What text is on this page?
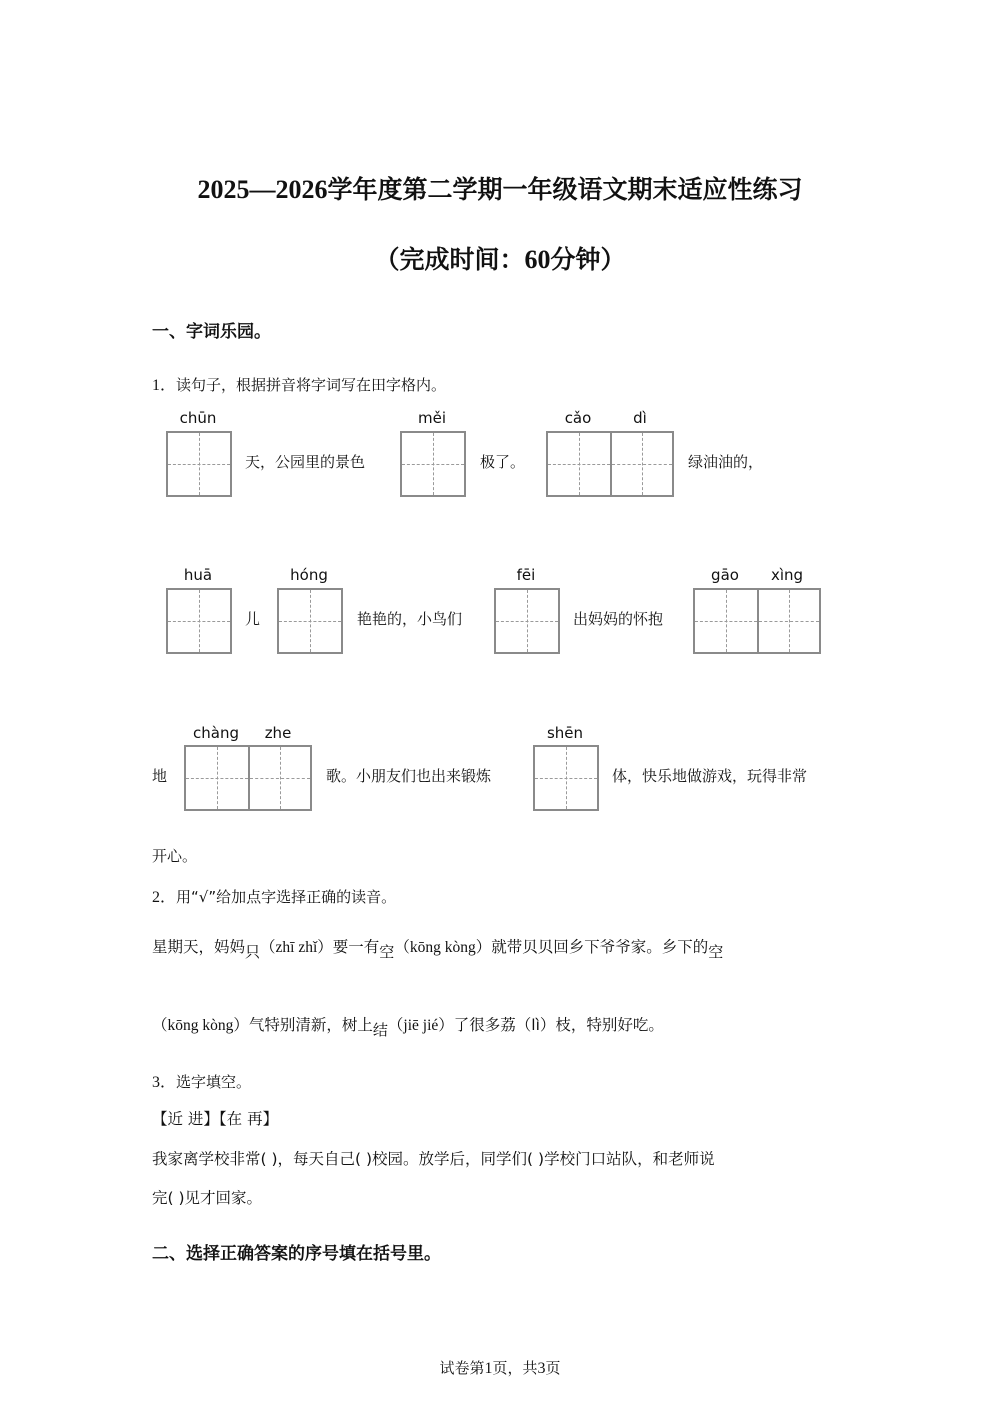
2025—2026学年度第二学期一年级语文期末适应性练习
（完成时间：60分钟）
一、字词乐园。
1．读句子，根据拼音将字词写在田字格内。
chūn
天，公园里的景色
měi
极了。
cǎo	dì
绿油油的，
huā
儿
hóng
艳艳的，小鸟们
fēi
出妈妈的怀抱
gāo	xìng
地
chàng	zhe
歌。小朋友们也出来锻炼
shēn
体，快乐地做游戏，玩得非常
开心。
2．用“√”给加点字选择正确的读音。
星期天，妈妈只（zhī zhǐ）要一有空（kōng kòng）就带贝贝回乡下爷爷家。乡下的空
（kōng kòng）气特别清新，树上结（jiē jié）了很多荔（lì）枝，特别好吃。
3．选字填空。
【近 进】【在 再】
我家离学校非常( )，每天自己( )校园。放学后，同学们( )学校门口站队，和老师说
完( )见才回家。
二、选择正确答案的序号填在括号里。
试卷第1页，共3页
